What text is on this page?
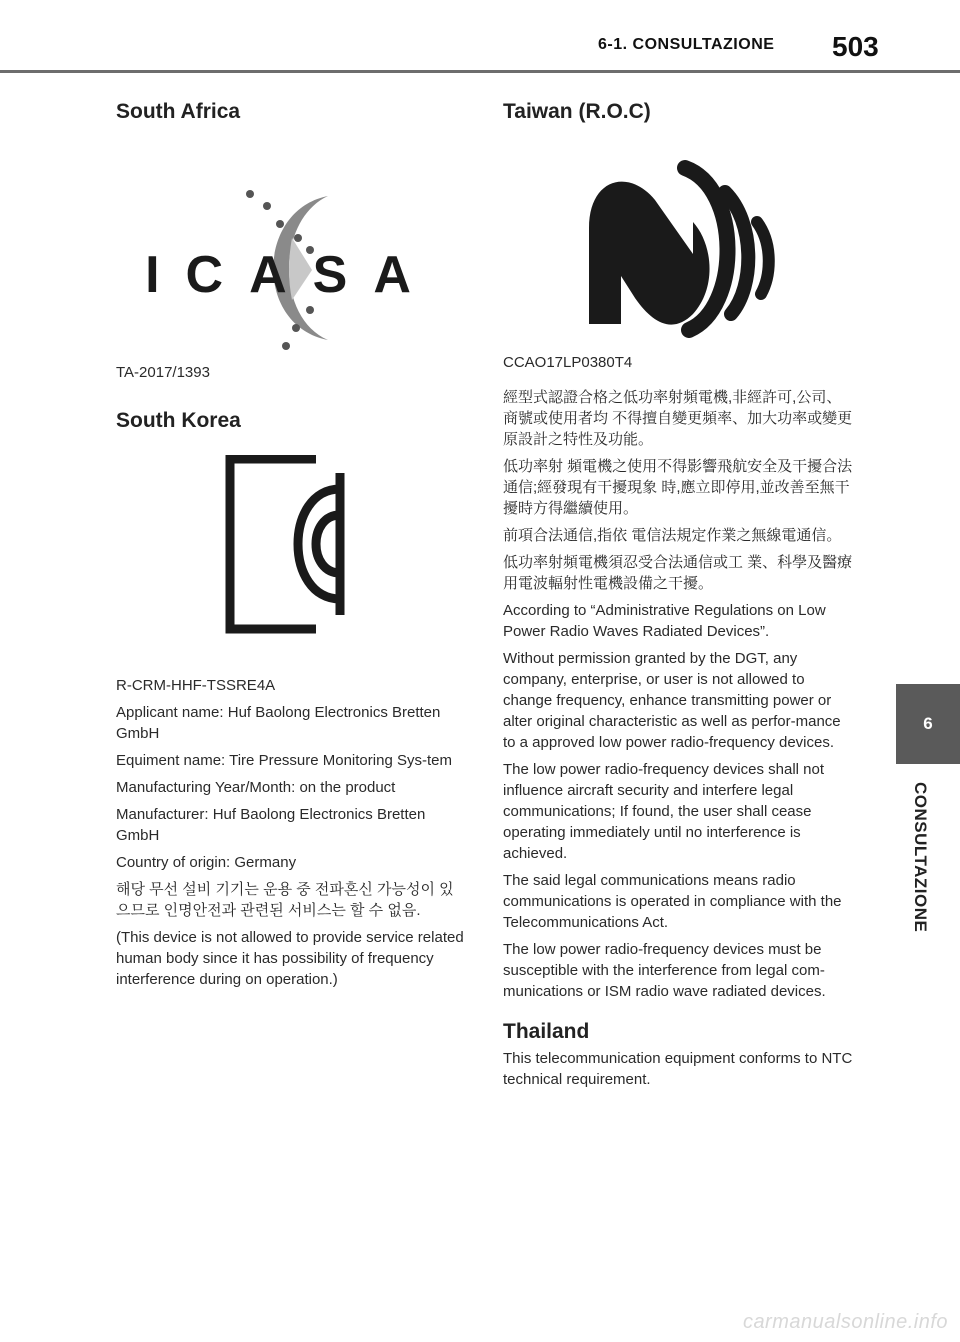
6-1. CONSULTAZIONE 503
6
CONSULTAZIONE
South Africa
ICASA

TA-2017/1393

South Korea

R-CRM-HHF-TSSRE4A

Applicant name: Huf Baolong Electronics Bretten GmbH

Equiment name: Tire Pressure Monitoring Sys-tem

Manufacturing Year/Month: on the product

Manufacturer: Huf Baolong Electronics Bretten GmbH

Country of origin: Germany

해당 무선 설비 기기는 운용 중 전파혼신 가능성이 있으므로 인명안전과 관련된 서비스는 할 수 없음.

(This device is not allowed to provide service related human body since it has possibility of frequency interference during on operation.)

Taiwan (R.O.C)

CCAO17LP0380T4

經型式認證合格之低功率射頻電機,非經許可,公司、商號或使用者均 不得擅自變更頻率、加大功率或變更原設計之特性及功能。

低功率射 頻電機之使用不得影響飛航安全及干擾合法通信;經發現有干擾現象 時,應立即停用,並改善至無干擾時方得繼續使用。

前項合法通信,指依 電信法規定作業之無線電通信。

低功率射頻電機須忍受合法通信或工 業、科學及醫療用電波輻射性電機設備之干擾。

According to “Administrative Regulations on Low Power Radio Waves Radiated Devices”.

Without permission granted by the DGT, any company, enterprise, or user is not allowed to change frequency, enhance transmitting power or alter original characteristic as well as perfor-mance to a approved low power radio-frequency devices.

The low power radio-frequency devices shall not influence aircraft security and interfere legal communications; If found, the user shall cease operating immediately until no interference is achieved.

The said legal communications means radio communications is operated in compliance with the Telecommunications Act.

The low power radio-frequency devices must be susceptible with the interference from legal com-munications or ISM radio wave radiated devices.

Thailand

This telecommunication equipment conforms to NTC technical requirement.

carmanualsonline.info
